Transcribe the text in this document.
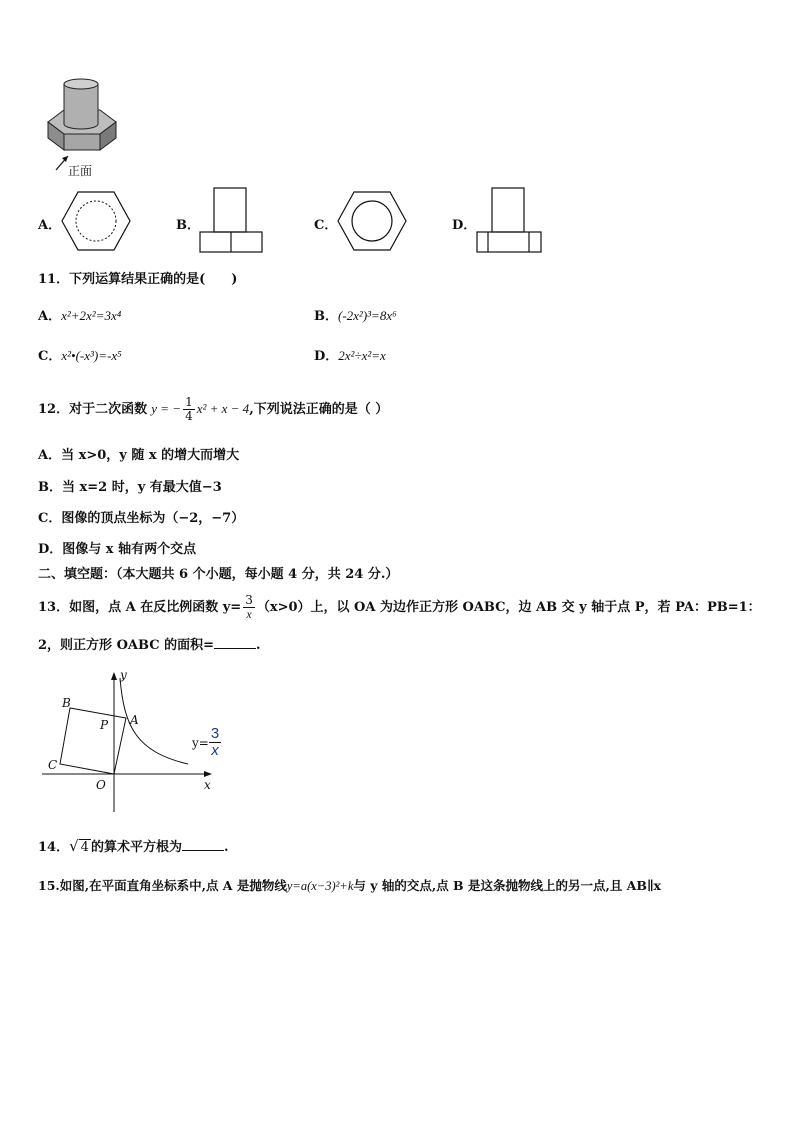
正面
A．	B．	C．	D．
11．下列运算结果正确的是(　　)
A．x²+2x²=3x⁴	B．(-2x²)³=8x⁶
C．x²•(-x³)=-x⁵	D．2x²÷x²=x
12．对于二次函数 y = − $\frac{1}{4} x^2 + x - 4$,下列说法正确的是（ ）
A．当 x>0，y 随 x 的增大而增大
B．当 x=2 时，y 有最大值−3
C．图像的顶点坐标为（−2，−7）
D．图像与 x 轴有两个交点
二、填空题：（本大题共 6 个小题，每小题 4 分，共 24 分.）
13．如图，点 A 在反比例函数 $y= \frac{3}{x} (x>0)$上，以 OA 为边作正方形 OABC，边 AB 交 y 轴于点 P，若 PA：PB=1：
2，则正方形 OABC 的面积=	.
B
A
P
C
O	x
y
$y= \frac{3}{x}$
14．√ 4 的算术平方根为	.
15.如图,在平面直角坐标系中,点 A 是抛物线y=a(x−3)²+k与 y 轴的交点,点 B 是这条抛物线上的另一点,且 AB∥x
